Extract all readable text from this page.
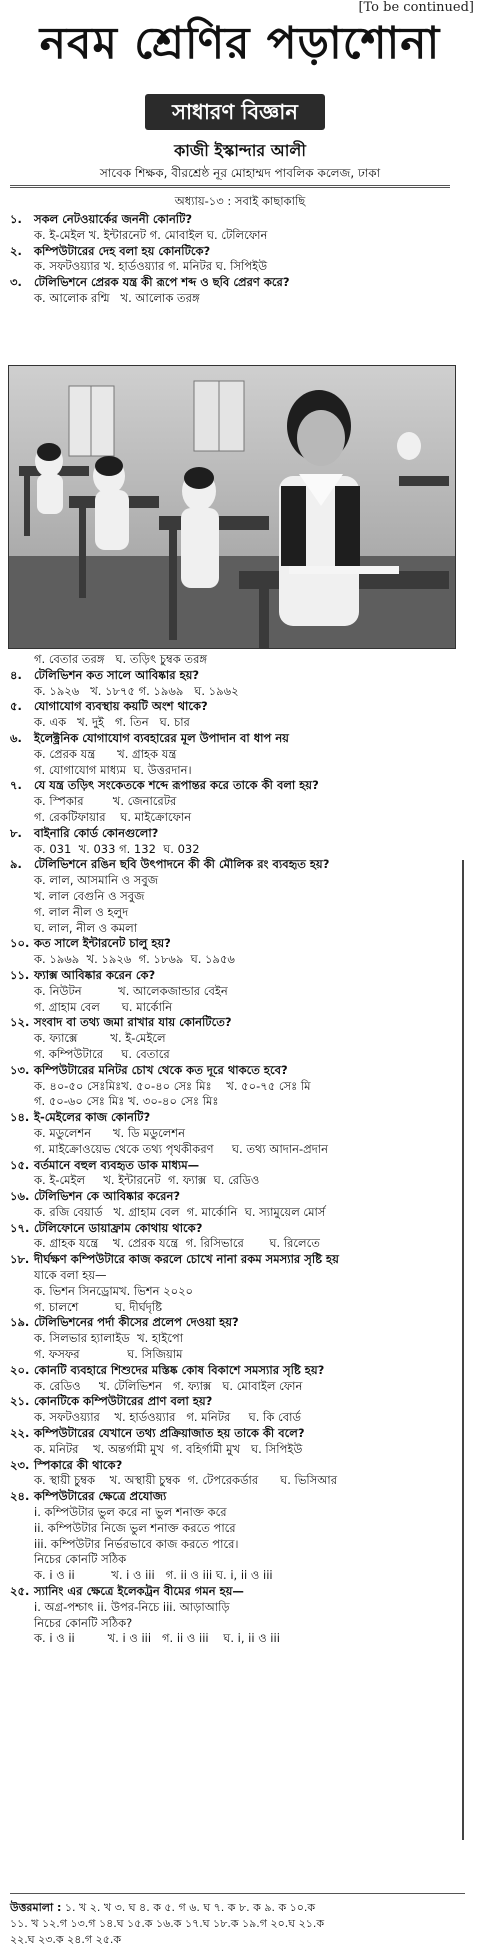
[To be continued]
নবম শ্রেণির পড়াশোনা
সাধারণ বিজ্ঞান
কাজী ইস্কান্দার আলী
সাবেক শিক্ষক, বীরশ্রেষ্ঠ নূর মোহাম্মদ পাবলিক কলেজ, ঢাকা
অধ্যায়-১৩ : সবাই কাছাকাছি
১.	সকল নেটওয়ার্কের জননী কোনটি?
ক. ই-মেইল খ. ইন্টারনেট গ. মোবাইল ঘ. টেলিফোন
২.	কম্পিউটারের দেহ বলা হয় কোনটিকে?
ক. সফটওয়্যার খ. হার্ডওয়্যার গ. মনিটর ঘ. সিপিইউ
৩.	টেলিভিশনে প্রেরক যন্ত্র কী রূপে শব্দ ও ছবি প্রেরণ করে?
ক. আলোক রশ্মি   খ. আলোক তরঙ্গ
গ. বেতার তরঙ্গ   ঘ. তড়িৎ চুম্বক তরঙ্গ
৪.	টেলিভিশন কত সালে আবিষ্কার হয়?
ক. ১৯২৬   খ. ১৮৭৫ গ. ১৯৬৯   ঘ. ১৯৬২
৫.	যোগাযোগ ব্যবস্থায় কয়টি অংশ থাকে?
ক. এক   খ. দুই   গ. তিন   ঘ. চার
৬.	ইলেক্ট্রনিক যোগাযোগ ব্যবহারের মূল উপাদান বা ধাপ নয়
ক. প্রেরক যন্ত্র      খ. গ্রাহক যন্ত্র
গ. যোগাযোগ মাধ্যম  ঘ. উত্তরদান।
৭.	যে যন্ত্র তড়িৎ সংকেতকে শব্দে রূপান্তর করে তাকে কী বলা হয়?
ক. স্পিকার        খ. জেনারেটর
গ. রেকটিফায়ার    ঘ. মাইক্রোফোন
৮.	বাইনারি কোর্ড কোনগুলো?
ক. 031  খ. 033 গ. 132  ঘ. 032
৯.	টেলিভিশনে রঙিন ছবি উৎপাদনে কী কী মৌলিক রং ব্যবহৃত হয়?
ক. লাল, আসমানি ও সবুজ
খ. লাল বেগুনি ও সবুজ
গ. লাল নীল ও হলুদ
ঘ. লাল, নীল ও কমলা
১০. কত সালে ইন্টারনেট চালু হয়?
ক. ১৯৬৯  খ. ১৯২৬  গ. ১৮৬৯  ঘ. ১৯৫৬
১১. ফ্যাক্স আবিষ্কার করেন কে?
ক. নিউটন          খ. আলেকজান্ডার বেইন
গ. গ্রাহাম বেল      ঘ. মার্কোনি
১২. সংবাদ বা তথ্য জমা রাখার যায় কোনটিতে?
ক. ফ্যাক্সে         খ. ই-মেইলে
গ. কম্পিউটারে     ঘ. বেতারে
১৩. কম্পিউটারের মনিটর চোখ থেকে কত দূরে থাকতে হবে?
ক. ৪০-৫০ সেঃমিঃখ. ৫০-৪০ সেঃ মিঃ    খ. ৫০-৭৫ সেঃ মি
গ. ৫০-৬০ সেঃ মিঃ খ. ৩০-৪০ সেঃ মিঃ
১৪. ই-মেইলের কাজ কোনটি?
ক. মডুলেশন      খ. ডি মডুলেশন
গ. মাইক্রোওয়েভ থেকে তথ্য পৃথকীকরণ     ঘ. তথ্য আদান-প্রদান
১৫. বর্তমানে বহুল ব্যবহৃত ডাক মাধ্যম—
ক. ই-মেইল     খ. ইন্টারনেট  গ. ফ্যাক্স  ঘ. রেডিও
১৬. টেলিভিশন কে আবিষ্কার করেন?
ক. রজি বেয়ার্ড   খ. গ্রাহাম বেল  গ. মার্কোনি  ঘ. স্যামুয়েল মোর্স
১৭. টেলিফোনে ডায়াফ্রাম কোথায় থাকে?
ক. গ্রাহক যন্ত্রে    খ. প্রেরক যন্ত্রে  গ. রিসিভারে       ঘ. রিলেতে
১৮. দীর্ঘক্ষণ কম্পিউটারে কাজ করলে চোখে নানা রকম সমস্যার সৃষ্টি হয়
যাকে বলা হয়—
ক. ভিশন সিনড্রোমখ. ভিশন ২০২০
গ. চালশে          ঘ. দীর্ঘদৃষ্টি
১৯. টেলিভিশনের পর্দা কীসের প্রলেপ দেওয়া হয়?
ক. সিলভার হ্যালাইড  খ. হাইপো
গ. ফসফর             ঘ. সিজিয়াম
২০. কোনটি ব্যবহারে শিশুদের মস্তিষ্ক কোষ বিকাশে সমস্যার সৃষ্টি হয়?
ক. রেডিও     খ. টেলিভিশন   গ. ফ্যাক্স   ঘ. মোবাইল ফোন
২১. কোনটিকে কম্পিউটারের প্রাণ বলা হয়?
ক. সফটওয়্যার    খ. হার্ডওয়্যার   গ. মনিটর     ঘ. কি বোর্ড
২২. কম্পিউটারের যেখানে তথ্য প্রক্রিয়াজাত হয় তাকে কী বলে?
ক. মনিটর    খ. অন্তর্গামী মুখ  গ. বহির্গামী মুখ   ঘ. সিপিইউ
২৩. স্পিকারে কী থাকে?
ক. স্থায়ী চুম্বক    খ. অস্থায়ী চুম্বক  গ. টেপরেকর্ডার      ঘ. ভিসিআর
২৪. কম্পিউটারের ক্ষেত্রে প্রযোজ্য
i. কম্পিউটার ভুল করে না ভুল শনাক্ত করে
ii. কম্পিউটার নিজে ভুল শনাক্ত করতে পারে
iii. কম্পিউটার নির্ভরভাবে কাজ করতে পারে।
নিচের কোনটি সঠিক
ক. i ও ii          খ. i ও iii   গ. ii ও iii ঘ. i, ii ও iii
২৫. স্যানিং এর ক্ষেত্রে ইলেকট্রন বীমের গমন হয়—
i. অগ্র-পশ্চাৎ ii. উপর-নিচে iii. আড়াআড়ি
নিচের কোনটি সঠিক?
ক. i ও ii         খ. i ও iii   গ. ii ও iii    ঘ. i, ii ও iii
উত্তরমালা : ১. খ ২. খ ৩. ঘ ৪. ক ৫. গ ৬. ঘ ৭. ক ৮. ক ৯. ক ১০.ক
১১. খ ১২.গ ১৩.গ ১৪.ঘ ১৫.ক ১৬.ক ১৭.ঘ ১৮.ক ১৯.গ ২০.ঘ ২১.ক
২২.ঘ ২৩.ক ২৪.গ ২৫.ক
